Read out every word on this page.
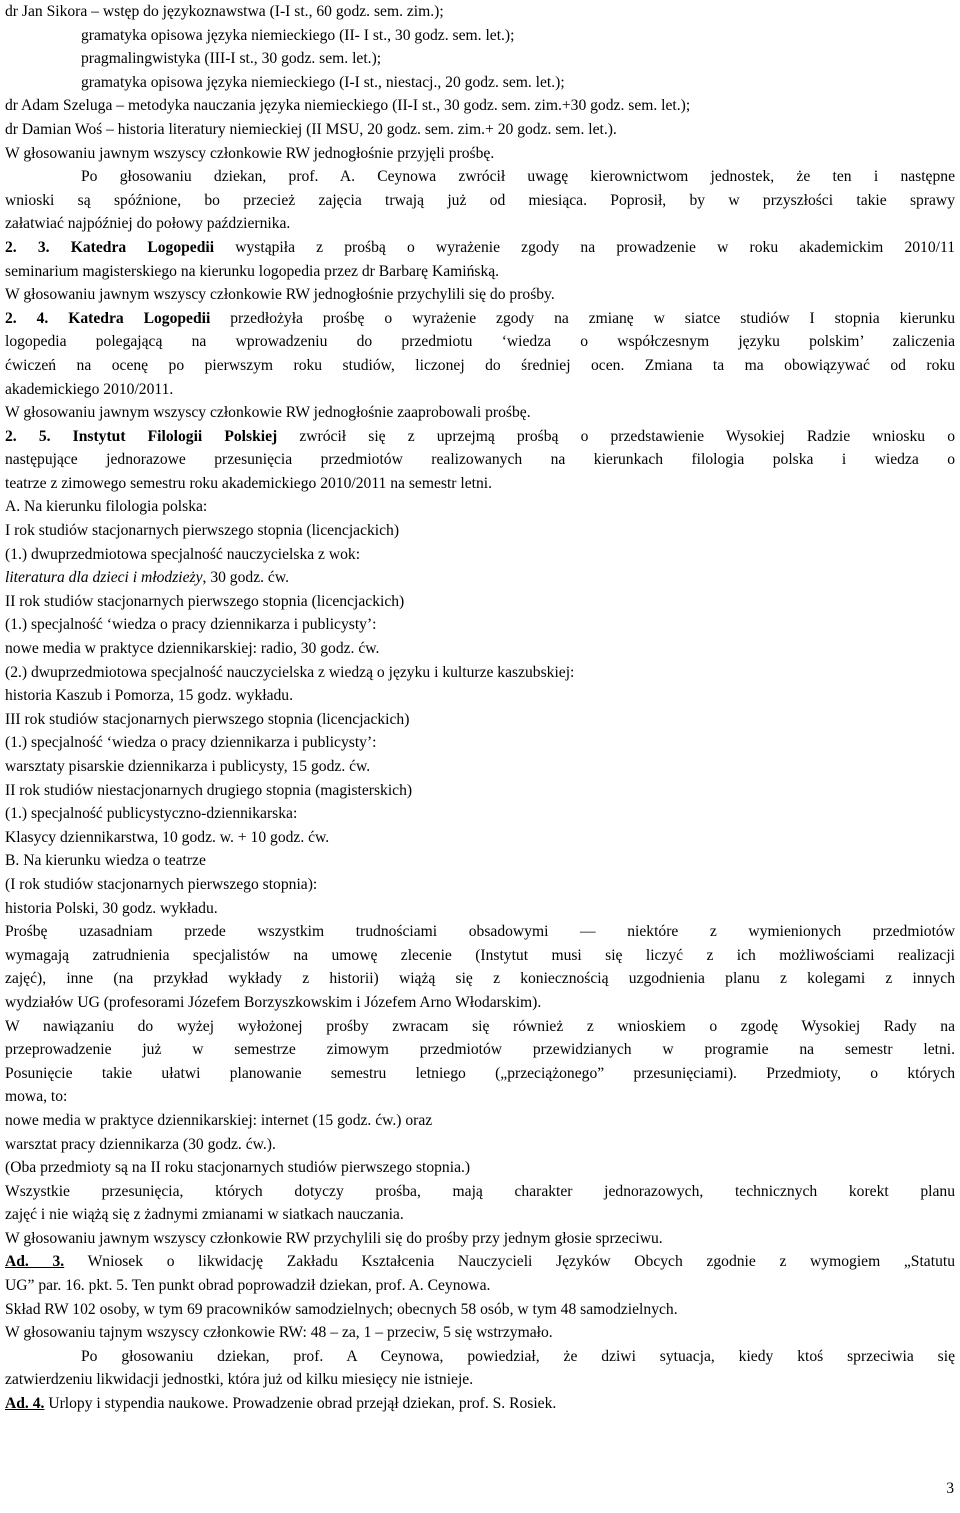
dr Jan Sikora – wstęp do językoznawstwa (I-I st., 60 godz. sem. zim.);
gramatyka opisowa języka niemieckiego (II- I st., 30 godz. sem. let.);
pragmalingwistyka (III-I st., 30 godz. sem. let.);
gramatyka opisowa języka niemieckiego (I-I st., niestacj., 20 godz. sem. let.);
dr Adam Szeluga – metodyka nauczania języka niemieckiego (II-I st., 30 godz. sem. zim.+30 godz. sem. let.);
dr Damian Woś – historia literatury niemieckiej (II MSU, 20 godz. sem. zim.+ 20 godz. sem. let.).
W głosowaniu jawnym wszyscy członkowie RW jednogłośnie przyjęli prośbę.
Po głosowaniu dziekan, prof. A. Ceynowa zwrócił uwagę kierownictwom jednostek, że ten i następne
wnioski są spóźnione, bo przecież zajęcia trwają już od miesiąca. Poprosił, by w przyszłości takie sprawy
załatwiać najpóźniej do połowy października.
2. 3. Katedra Logopedii wystąpiła z prośbą o wyrażenie zgody na prowadzenie w roku akademickim 2010/11
seminarium magisterskiego na kierunku logopedia przez dr Barbarę Kamińską.
W głosowaniu jawnym wszyscy członkowie RW jednogłośnie przychylili się do prośby.
2. 4. Katedra Logopedii przedłożyła prośbę o wyrażenie zgody na zmianę w siatce studiów I stopnia kierunku
logopedia polegającą na wprowadzeniu do przedmiotu ‘wiedza o współczesnym języku polskim’ zaliczenia
ćwiczeń na ocenę po pierwszym roku studiów, liczonej do średniej ocen. Zmiana ta ma obowiązywać od roku
akademickiego 2010/2011.
W głosowaniu jawnym wszyscy członkowie RW jednogłośnie zaaprobowali prośbę.
2. 5. Instytut Filologii Polskiej zwrócił się z uprzejmą prośbą o przedstawienie Wysokiej Radzie wniosku o
następujące jednorazowe przesunięcia przedmiotów realizowanych na kierunkach filologia polska i wiedza o
teatrze z zimowego semestru roku akademickiego 2010/2011 na semestr letni.
A. Na kierunku filologia polska:
I rok studiów stacjonarnych pierwszego stopnia (licencjackich)
(1.) dwuprzedmiotowa specjalność nauczycielska z wok:
literatura dla dzieci i młodzieży, 30 godz. ćw.
II rok studiów stacjonarnych pierwszego stopnia (licencjackich)
(1.) specjalność ‘wiedza o pracy dziennikarza i publicysty’:
nowe media w praktyce dziennikarskiej: radio, 30 godz. ćw.
(2.) dwuprzedmiotowa specjalność nauczycielska z wiedzą o języku i kulturze kaszubskiej:
historia Kaszub i Pomorza, 15 godz. wykładu.
III rok studiów stacjonarnych pierwszego stopnia (licencjackich)
(1.) specjalność ‘wiedza o pracy dziennikarza i publicysty’:
warsztaty pisarskie dziennikarza i publicysty, 15 godz. ćw.
II rok studiów niestacjonarnych drugiego stopnia (magisterskich)
(1.) specjalność publicystyczno-dziennikarska:
Klasycy dziennikarstwa, 10 godz. w. + 10 godz. ćw.
B. Na kierunku wiedza o teatrze
(I rok studiów stacjonarnych pierwszego stopnia):
historia Polski, 30 godz. wykładu.
Prośbę uzasadniam przede wszystkim trudnościami obsadowymi — niektóre z wymienionych przedmiotów
wymagają zatrudnienia specjalistów na umowę zlecenie (Instytut musi się liczyć z ich możliwościami realizacji
zajęć), inne (na przykład wykłady z historii) wiążą się z koniecznością uzgodnienia planu z kolegami z innych
wydziałów UG (profesorami Józefem Borzyszkowskim i Józefem Arno Włodarskim).
W nawiązaniu do wyżej wyłożonej prośby zwracam się również z wnioskiem o zgodę Wysokiej Rady na
przeprowadzenie już w semestrze zimowym przedmiotów przewidzianych w programie na semestr letni.
Posunięcie takie ułatwi planowanie semestru letniego („przeciążonego” przesunięciami). Przedmioty, o których
mowa, to:
nowe media w praktyce dziennikarskiej: internet (15 godz. ćw.) oraz
warsztat pracy dziennikarza (30 godz. ćw.).
(Oba przedmioty są na II roku stacjonarnych studiów pierwszego stopnia.)
Wszystkie przesunięcia, których dotyczy prośba, mają charakter jednorazowych, technicznych korekt planu
zajęć i nie wiążą się z żadnymi zmianami w siatkach nauczania.
W głosowaniu jawnym wszyscy członkowie RW przychylili się do prośby przy jednym głosie sprzeciwu.
Ad. 3. Wniosek o likwidację Zakładu Kształcenia Nauczycieli Języków Obcych zgodnie z wymogiem „Statutu
UG” par. 16. pkt. 5. Ten punkt obrad poprowadził dziekan, prof. A. Ceynowa.
Skład RW 102 osoby, w tym 69 pracowników samodzielnych; obecnych 58 osób, w tym 48 samodzielnych.
W głosowaniu tajnym wszyscy członkowie RW: 48 – za, 1 – przeciw, 5 się wstrzymało.
Po głosowaniu dziekan, prof. A Ceynowa, powiedział, że dziwi sytuacja, kiedy ktoś sprzeciwia się
zatwierdzeniu likwidacji jednostki, która już od kilku miesięcy nie istnieje.
Ad. 4. Urlopy i stypendia naukowe. Prowadzenie obrad przejął dziekan, prof. S. Rosiek.
3
